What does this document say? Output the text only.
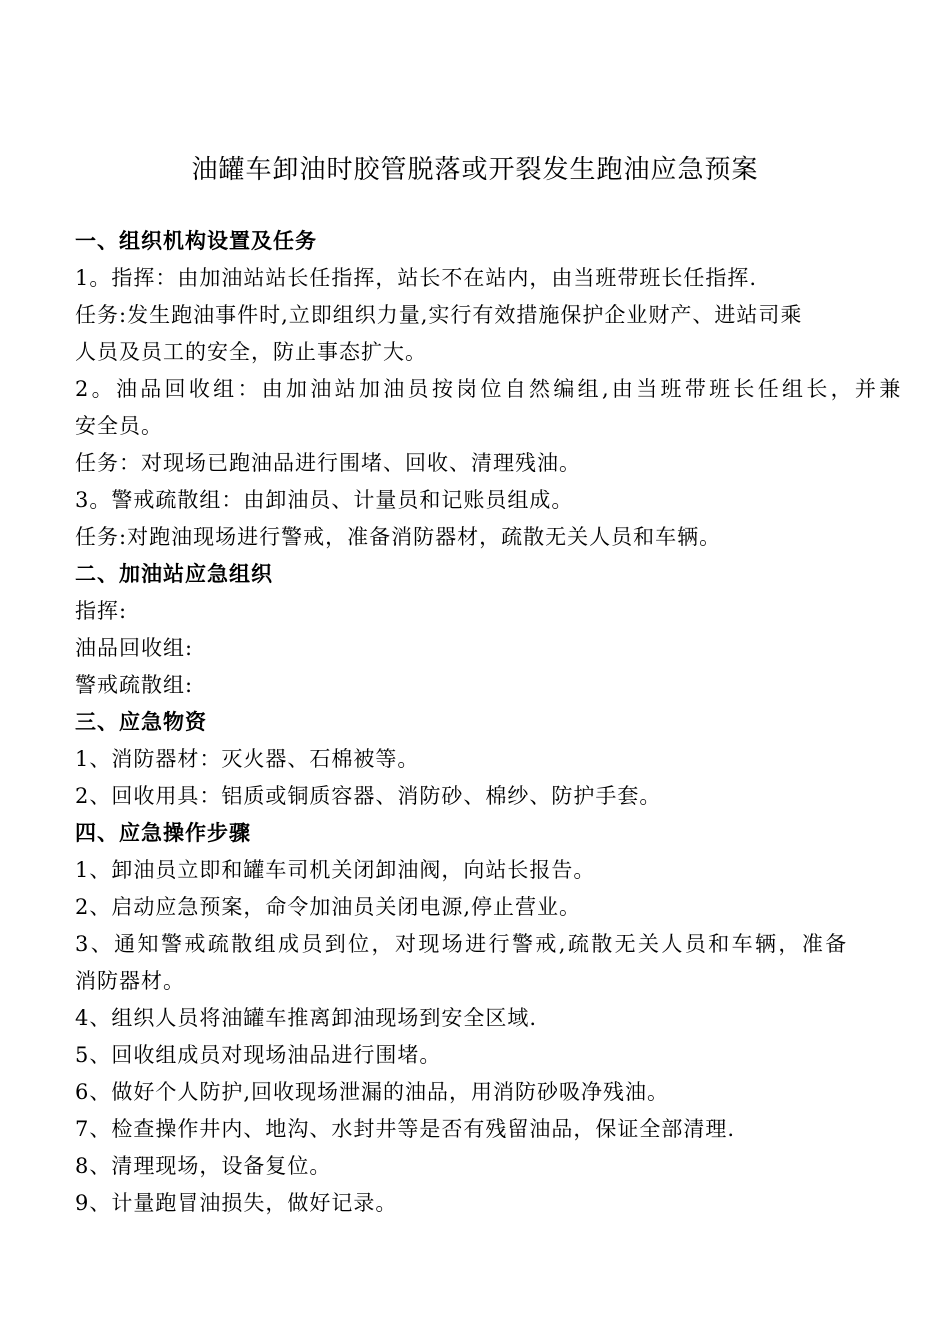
油罐车卸油时胶管脱落或开裂发生跑油应急预案
一、组织机构设置及任务
1。指挥：由加油站站长任指挥，站长不在站内，由当班带班长任指挥.
任务:发生跑油事件时,立即组织力量,实行有效措施保护企业财产、进站司乘
人员及员工的安全，防止事态扩大。
2。油品回收组：由加油站加油员按岗位自然编组,由当班带班长任组长，并兼
安全员。
任务：对现场已跑油品进行围堵、回收、清理残油。
3。警戒疏散组：由卸油员、计量员和记账员组成。
任务:对跑油现场进行警戒，准备消防器材，疏散无关人员和车辆。
二、加油站应急组织
指挥:
油品回收组:
警戒疏散组:
三、应急物资
1、消防器材：灭火器、石棉被等。
2、回收用具：铝质或铜质容器、消防砂、棉纱、防护手套。
四、应急操作步骤
1、卸油员立即和罐车司机关闭卸油阀，向站长报告。
2、启动应急预案，命令加油员关闭电源,停止营业。
3、通知警戒疏散组成员到位，对现场进行警戒,疏散无关人员和车辆，准备
消防器材。
4、组织人员将油罐车推离卸油现场到安全区域.
5、回收组成员对现场油品进行围堵。
6、做好个人防护,回收现场泄漏的油品，用消防砂吸净残油。
7、检查操作井内、地沟、水封井等是否有残留油品，保证全部清理.
8、清理现场，设备复位。
9、计量跑冒油损失，做好记录。
